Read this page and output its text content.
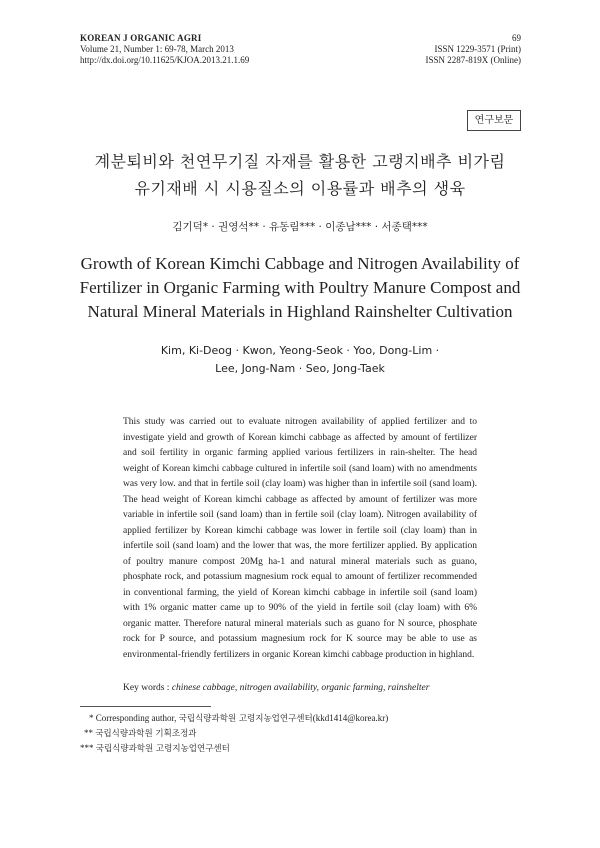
KOREAN J ORGANIC AGRI
Volume 21, Number 1: 69-78, March 2013
http://dx.doi.org/10.11625/KJOA.2013.21.1.69
69
ISSN 1229-3571 (Print)
ISSN 2287-819X (Online)
연구보문
계분퇴비와 천연무기질 자재를 활용한 고랭지배추 비가림
유기재배 시 시용질소의 이용률과 배추의 생육
김기덕* · 권영석** · 유동림*** · 이종남*** · 서종택***
Growth of Korean Kimchi Cabbage and Nitrogen Availability of
Fertilizer in Organic Farming with Poultry Manure Compost and
Natural Mineral Materials in Highland Rainshelter Cultivation
Kim, Ki-Deog · Kwon, Yeong-Seok · Yoo, Dong-Lim ·
Lee, Jong-Nam · Seo, Jong-Taek
This study was carried out to evaluate nitrogen availability of applied fertilizer and to investigate yield and growth of Korean kimchi cabbage as affected by amount of fertilizer and soil fertility in organic farming applied various fertilizers in rain-shelter. The head weight of Korean kimchi cabbage cultured in infertile soil (sand loam) with no amendments was very low. and that in fertile soil (clay loam) was higher than in infertile soil (sand loam). The head weight of Korean kimchi cabbage as affected by amount of fertilizer was more variable in infertile soil (sand loam) than in fertile soil (clay loam). Nitrogen availability of applied fertilizer by Korean kimchi cabbage was lower in fertile soil (clay loam) than in infertile soil (sand loam) and the lower that was, the more fertilizer applied. By application of poultry manure compost 20Mg ha-1 and natural mineral materials such as guano, phosphate rock, and potassium magnesium rock equal to amount of fertilizer recommended in conventional farming, the yield of Korean kimchi cabbage in infertile soil (sand loam) with 1% organic matter came up to 90% of the yield in fertile soil (clay loam) with 6% organic matter. Therefore natural mineral materials such as guano for N source, phosphate rock for P source, and potassium magnesium rock for K source may be able to use as environmental-friendly fertilizers in organic Korean kimchi cabbage production in highland.
Key words : chinese cabbage, nitrogen availability, organic farming, rainshelter
* Corresponding author, 국립식량과학원 고령지농업연구센터(kkd1414@korea.kr)
** 국립식량과학원 기획조정과
*** 국립식량과학원 고령지농업연구센터
